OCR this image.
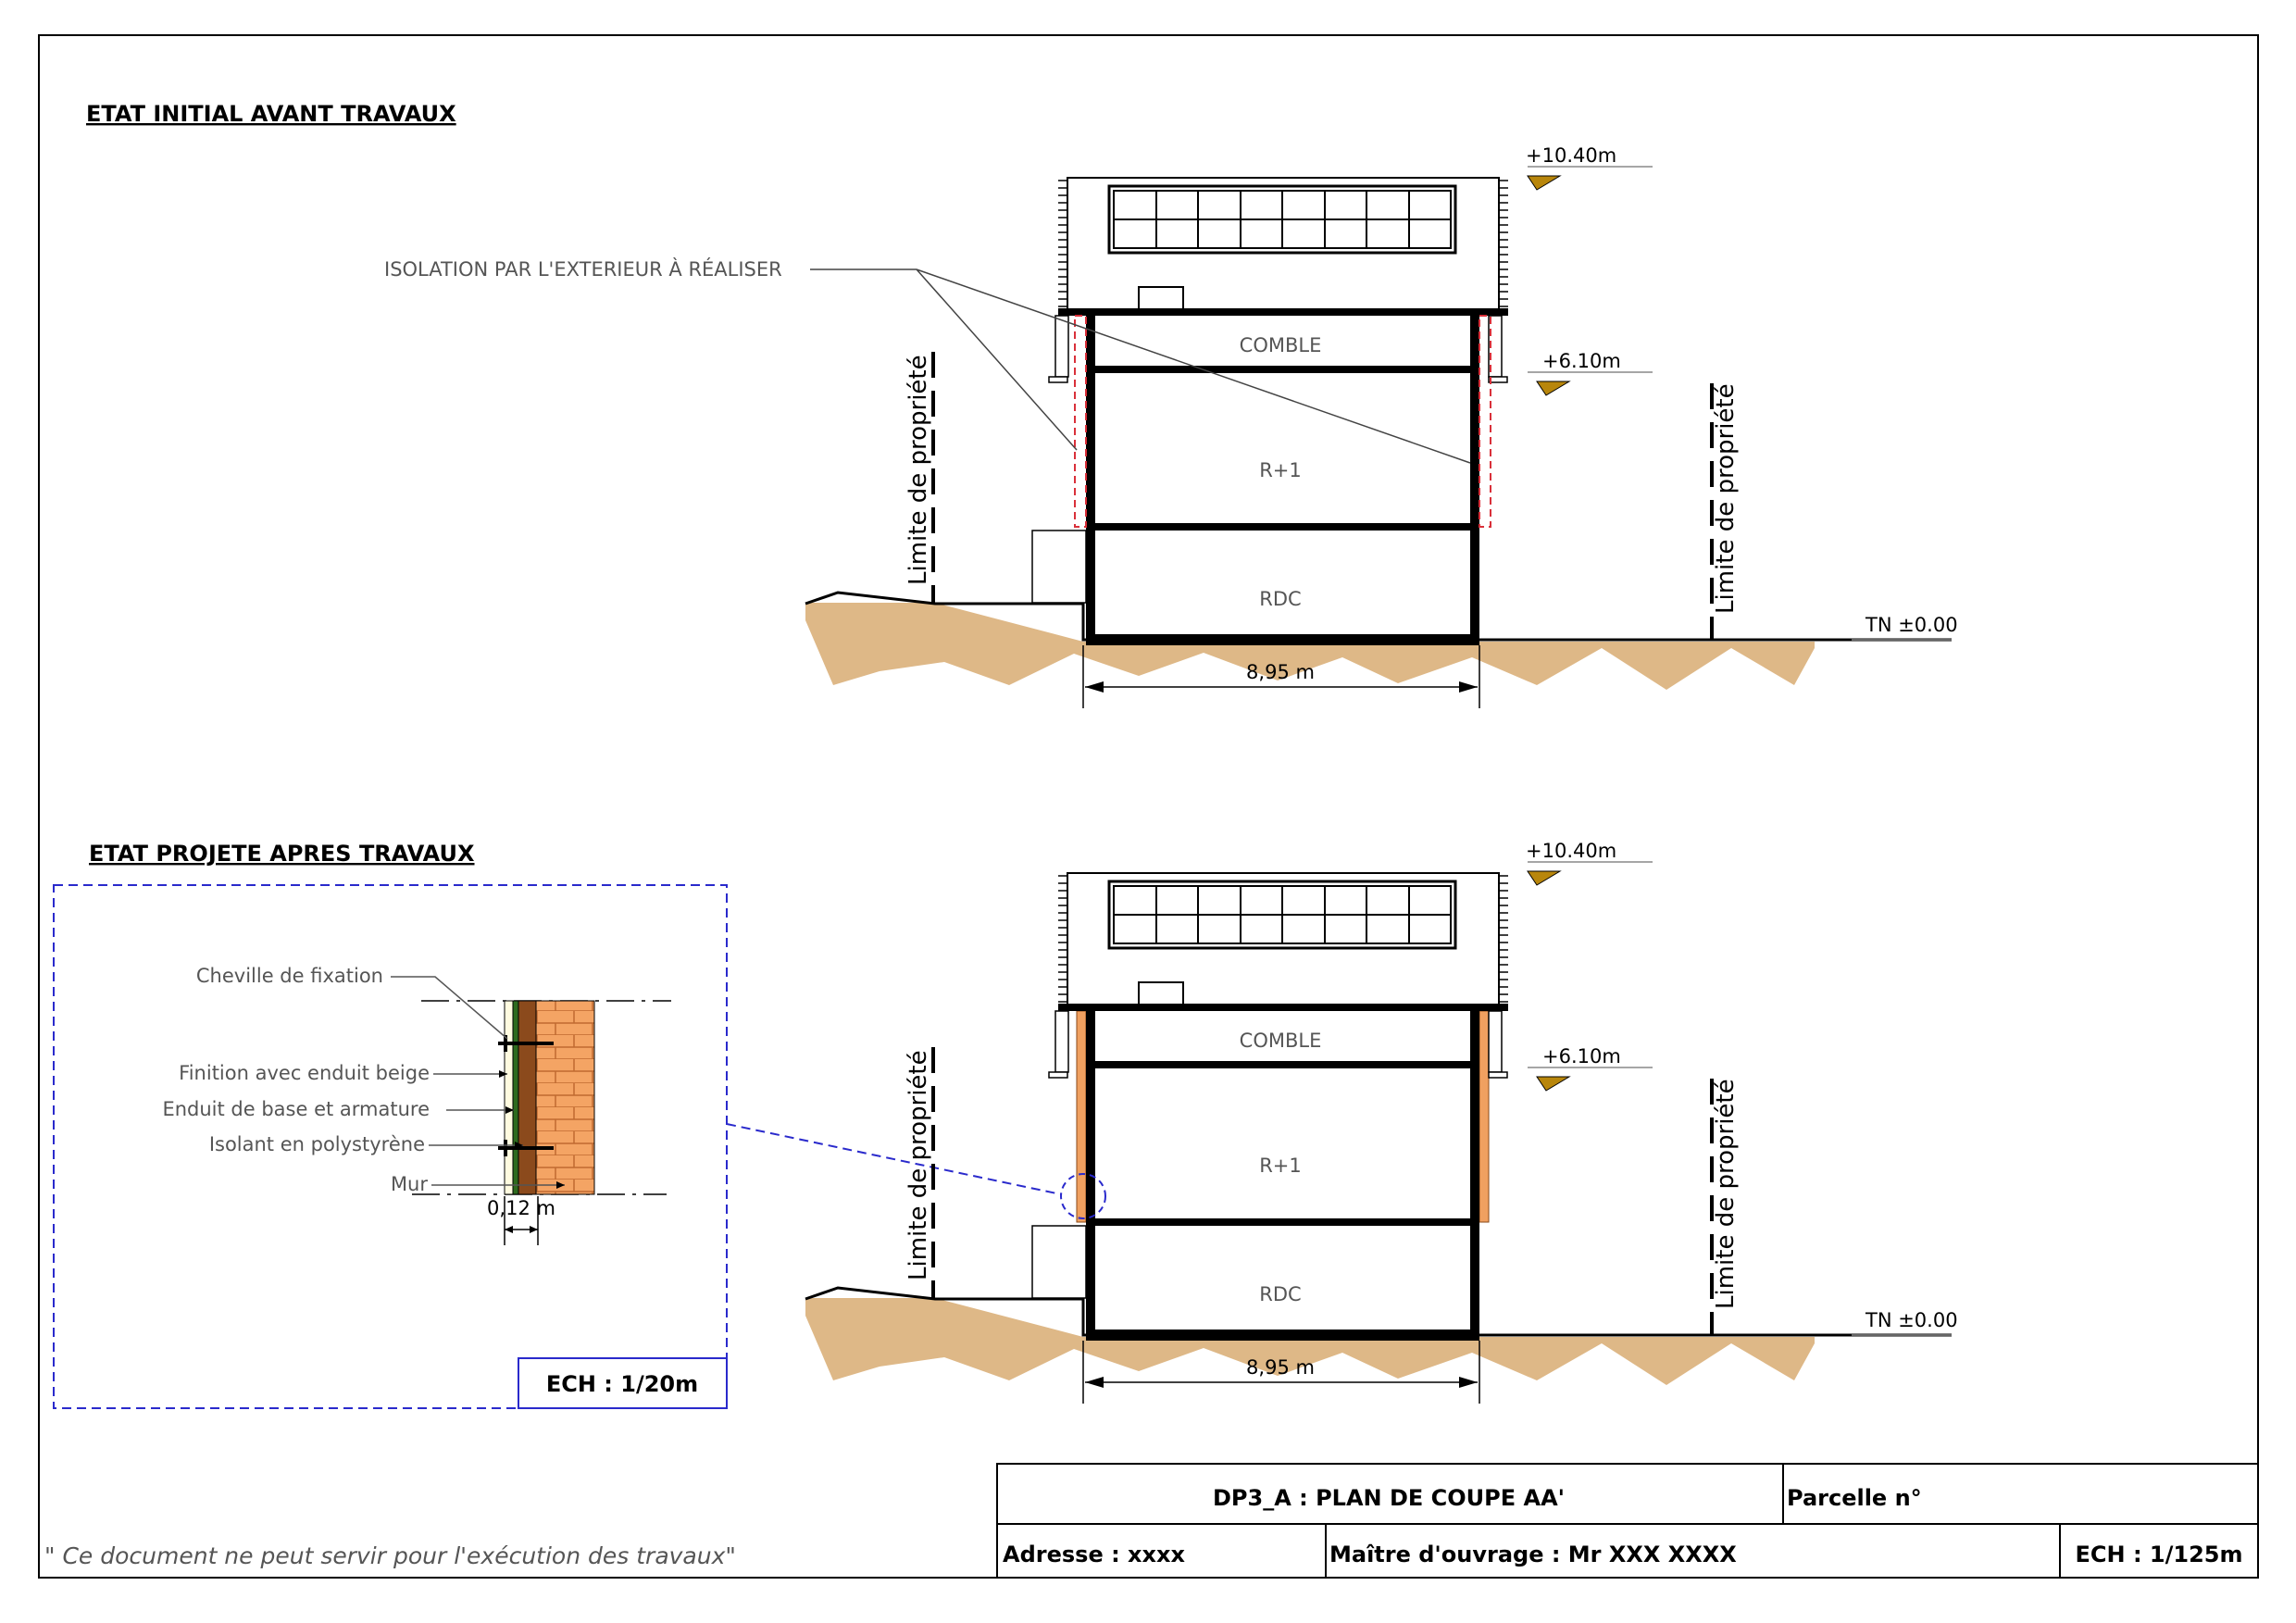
ETAT INITIAL AVANT TRAVAUX
ISOLATION PAR L'EXTERIEUR À RÉALISER
COMBLE
R+1
RDC
+10.40m
+6.10m
TN ±0.00
8,95 m
Limite de propriété	Limite de propriété
ETAT PROJETE APRES TRAVAUX
COMBLE
R+1
RDC
+10.40m
+6.10m
TN ±0.00
8,95 m
Limite de propriété	Limite de propriété
Cheville de fixation
Finition avec enduit beige
Enduit de base et armature
Isolant en polystyrène
Mur
0,12 m
ECH : 1/20m
" Ce document ne peut servir pour l'exécution des travaux"
DP3_A : PLAN DE COUPE AA'	Parcelle n°
Adresse : xxxx	Maître d'ouvrage : Mr XXX XXXX	ECH : 1/125m
